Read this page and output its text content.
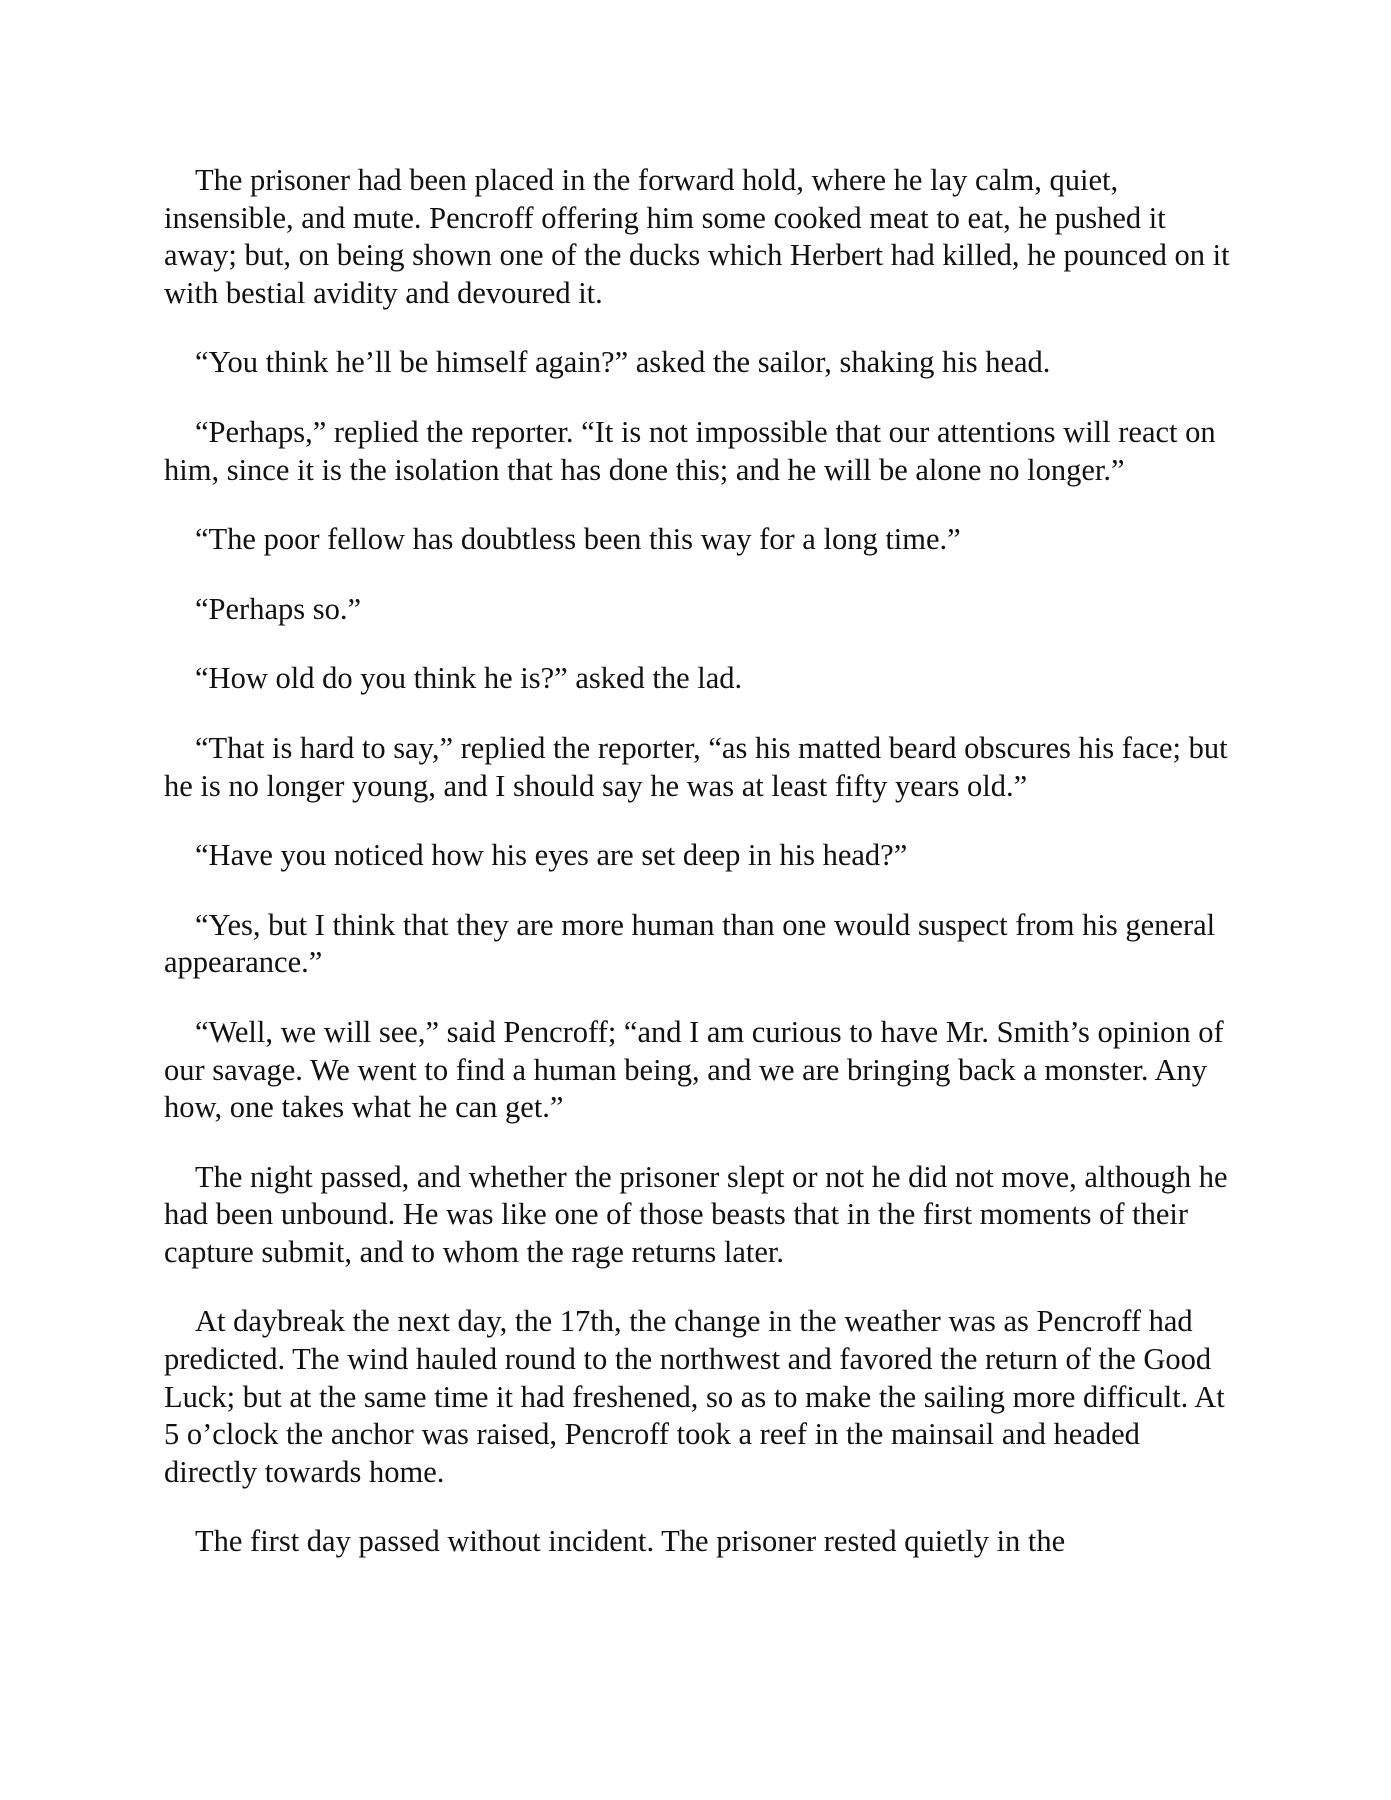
The prisoner had been placed in the forward hold, where he lay calm, quiet, insensible, and mute. Pencroff offering him some cooked meat to eat, he pushed it away; but, on being shown one of the ducks which Herbert had killed, he pounced on it with bestial avidity and devoured it.

“You think he’ll be himself again?” asked the sailor, shaking his head.

“Perhaps,” replied the reporter. “It is not impossible that our attentions will react on him, since it is the isolation that has done this; and he will be alone no longer.”

“The poor fellow has doubtless been this way for a long time.”

“Perhaps so.”

“How old do you think he is?” asked the lad.

“That is hard to say,” replied the reporter, “as his matted beard obscures his face; but he is no longer young, and I should say he was at least fifty years old.”

“Have you noticed how his eyes are set deep in his head?”

“Yes, but I think that they are more human than one would suspect from his general appearance.”

“Well, we will see,” said Pencroff; “and I am curious to have Mr. Smith’s opinion of our savage. We went to find a human being, and we are bringing back a monster. Any how, one takes what he can get.”

The night passed, and whether the prisoner slept or not he did not move, although he had been unbound. He was like one of those beasts that in the first moments of their capture submit, and to whom the rage returns later.

At daybreak the next day, the 17th, the change in the weather was as Pencroff had predicted. The wind hauled round to the northwest and favored the return of the Good Luck; but at the same time it had freshened, so as to make the sailing more difficult. At 5 o’clock the anchor was raised, Pencroff took a reef in the mainsail and headed directly towards home.

The first day passed without incident. The prisoner rested quietly in the
